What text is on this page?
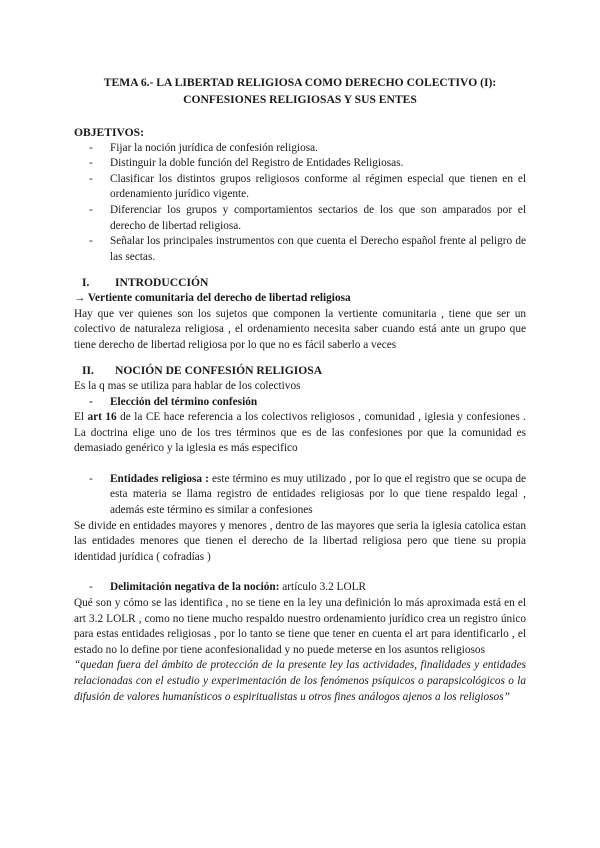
TEMA 6.- LA LIBERTAD RELIGIOSA COMO DERECHO COLECTIVO (I):
CONFESIONES RELIGIOSAS Y SUS ENTES
OBJETIVOS:
- Fijar la noción jurídica de confesión religiosa.
- Distinguir la doble función del Registro de Entidades Religiosas.
- Clasificar los distintos grupos religiosos conforme al régimen especial que tienen en el ordenamiento jurídico vigente.
- Diferenciar los grupos y comportamientos sectarios de los que son amparados por el derecho de libertad religiosa.
- Señalar los principales instrumentos con que cuenta el Derecho español frente al peligro de las sectas.
I.	INTRODUCCIÓN
→ Vertiente comunitaria del derecho de libertad religiosa
Hay que ver quienes son los sujetos que componen la vertiente comunitaria , tiene que ser un colectivo de naturaleza religiosa , el ordenamiento necesita saber cuando está ante un grupo que tiene derecho de libertad religiosa por lo que no es fácil saberlo a veces
II.	NOCIÓN DE CONFESIÓN RELIGIOSA
Es la q mas se utiliza para hablar de los colectivos
- Elección del término confesión
El art 16 de la CE hace referencia a los colectivos religiosos , comunidad , iglesia y confesiones . La doctrina elige uno de los tres términos que es de las confesiones por que la comunidad es demasiado genérico y la iglesia es más especifico
- Entidades religiosa : este término es muy utilizado , por lo que el registro que se ocupa de esta materia se llama registro de entidades religiosas por lo que tiene respaldo legal , además este término es similar a confesiones
Se divide en entidades mayores y menores , dentro de las mayores que seria la iglesia catolica estan las entidades menores que tienen el derecho de la libertad religiosa pero que tiene su propia identidad jurídica ( cofradías )
- Delimitación negativa de la noción: artículo 3.2 LOLR
Qué son y cómo se las identifica , no se tiene en la ley una definición lo más aproximada está en el art 3.2 LOLR , como no tiene mucho respaldo nuestro ordenamiento jurídico crea un registro único para estas entidades religiosas , por lo tanto se tiene que tener en cuenta el art para identificarlo , el estado no lo define por tiene aconfesionalidad y no puede meterse en los asuntos religiosos
“quedan fuera del ámbito de protección de la presente ley las actividades, finalidades y entidades relacionadas con el estudio y experimentación de los fenómenos psíquicos o parapsicológicos o la difusión de valores humanísticos o espiritualistas u otros fines análogos ajenos a los religiosos”
